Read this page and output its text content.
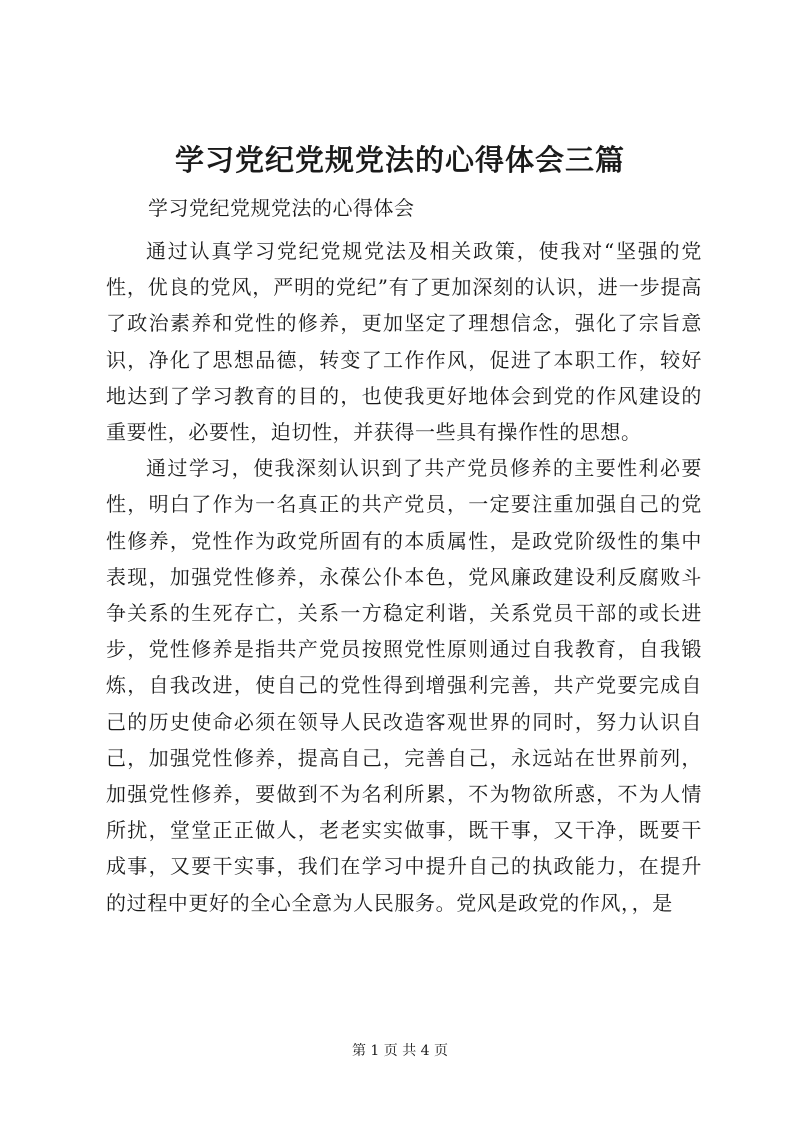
学习党纪党规党法的心得体会三篇
学习党纪党规党法的心得体会

通过认真学习党纪党规党法及相关政策，使我对“坚强的党性，优良的党风，严明的党纪”有了更加深刻的认识，进一步提高了政治素养和党性的修养，更加坚定了理想信念，强化了宗旨意识，净化了思想品德，转变了工作作风，促进了本职工作，较好地达到了学习教育的目的，也使我更好地体会到党的作风建设的重要性，必要性，迫切性，并获得一些具有操作性的思想。

通过学习，使我深刻认识到了共产党员修养的主要性利必要性，明白了作为一名真正的共产党员，一定要注重加强自己的党性修养，党性作为政党所固有的本质属性，是政党阶级性的集中表现，加强党性修养，永葆公仆本色，党风廉政建设利反腐败斗争关系的生死存亡，关系一方稳定利谐，关系党员干部的或长进步，党性修养是指共产党员按照党性原则通过自我教育，自我锻炼，自我改进，使自己的党性得到增强利完善，共产党要完成自己的历史使命必须在领导人民改造客观世界的同时，努力认识自己，加强党性修养，提高自己，完善自己，永远站在世界前列，加强党性修养，要做到不为名利所累，不为物欲所惑，不为人情所扰，堂堂正正做人，老老实实做事，既干事，又干净，既要干成事，又要干实事，我们在学习中提升自己的执政能力，在提升的过程中更好的全心全意为人民服务。党风是政党的作风，，是

第 1 页 共 4 页
